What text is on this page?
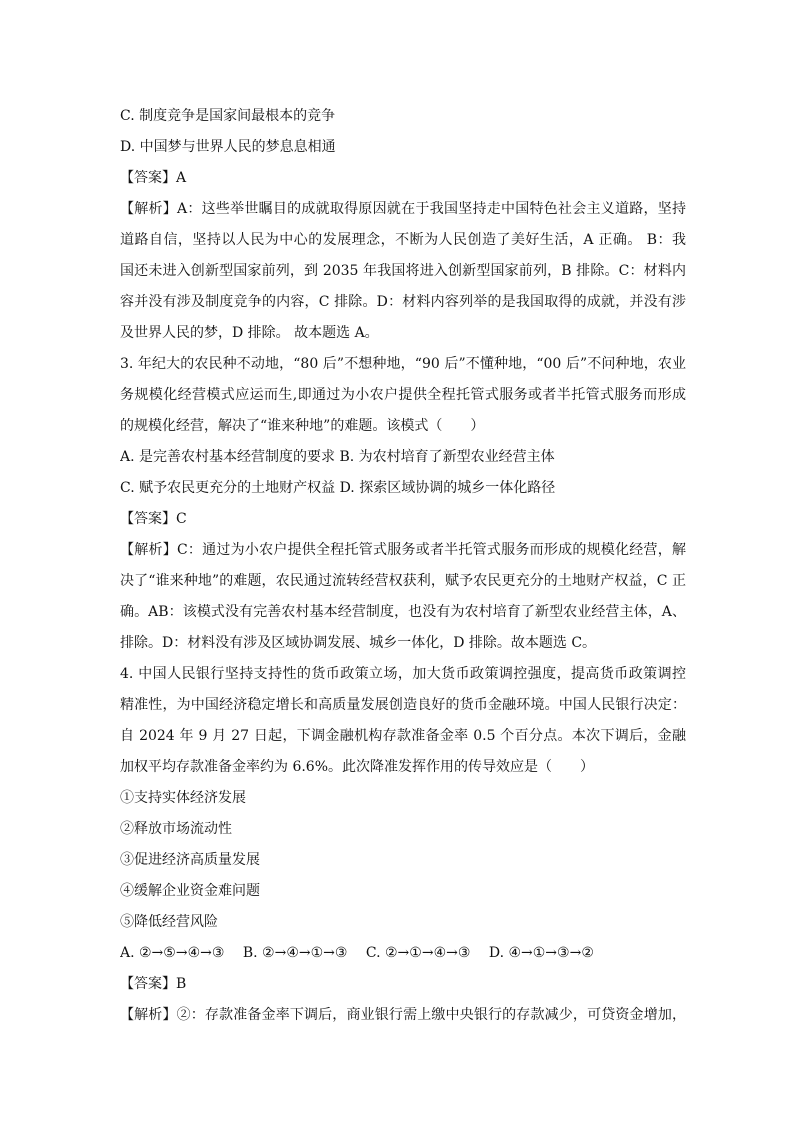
C. 制度竞争是国家间最根本的竞争
D. 中国梦与世界人民的梦息息相通
【答案】A
【解析】A：这些举世瞩目的成就取得原因就在于我国坚持走中国特色社会主义道路，坚持
道路自信，坚持以人民为中心的发展理念，不断为人民创造了美好生活，A 正确。 B：我
国还未进入创新型国家前列，到 2035 年我国将进入创新型国家前列，B 排除。C：材料内
容并没有涉及制度竞争的内容，C 排除。D：材料内容列举的是我国取得的成就，并没有涉
及世界人民的梦，D 排除。 故本题选 A。
3. 年纪大的农民种不动地，“80 后”不想种地，“90 后”不懂种地，“00 后”不问种地，农业
务规模化经营模式应运而生,即通过为小农户提供全程托管式服务或者半托管式服务而形成
的规模化经营，解决了“谁来种地”的难题。该模式（　　）
A. 是完善农村基本经营制度的要求 B. 为农村培育了新型农业经营主体
C. 赋予农民更充分的土地财产权益 D. 探索区域协调的城乡一体化路径
【答案】C
【解析】C：通过为小农户提供全程托管式服务或者半托管式服务而形成的规模化经营，解
决了“谁来种地”的难题，农民通过流转经营权获利，赋予农民更充分的土地财产权益，C 正
确。AB：该模式没有完善农村基本经营制度，也没有为农村培育了新型农业经营主体，A、
排除。D：材料没有涉及区域协调发展、城乡一体化，D 排除。故本题选 C。
4. 中国人民银行坚持支持性的货币政策立场，加大货币政策调控强度，提高货币政策调控
精准性，为中国经济稳定增长和高质量发展创造良好的货币金融环境。中国人民银行决定：
自 2024 年 9 月 27 日起，下调金融机构存款准备金率 0.5 个百分点。本次下调后，金融
加权平均存款准备金率约为 6.6%。此次降准发挥作用的传导效应是（　　）
①支持实体经济发展
②释放市场流动性
③促进经济高质量发展
④缓解企业资金难问题
⑤降低经营风险
A. ②→⑤→④→③　 B. ②→④→①→③　 C. ②→①→④→③　 D. ④→①→③→②
【答案】B
【解析】②：存款准备金率下调后，商业银行需上缴中央银行的存款减少，可贷资金增加，
